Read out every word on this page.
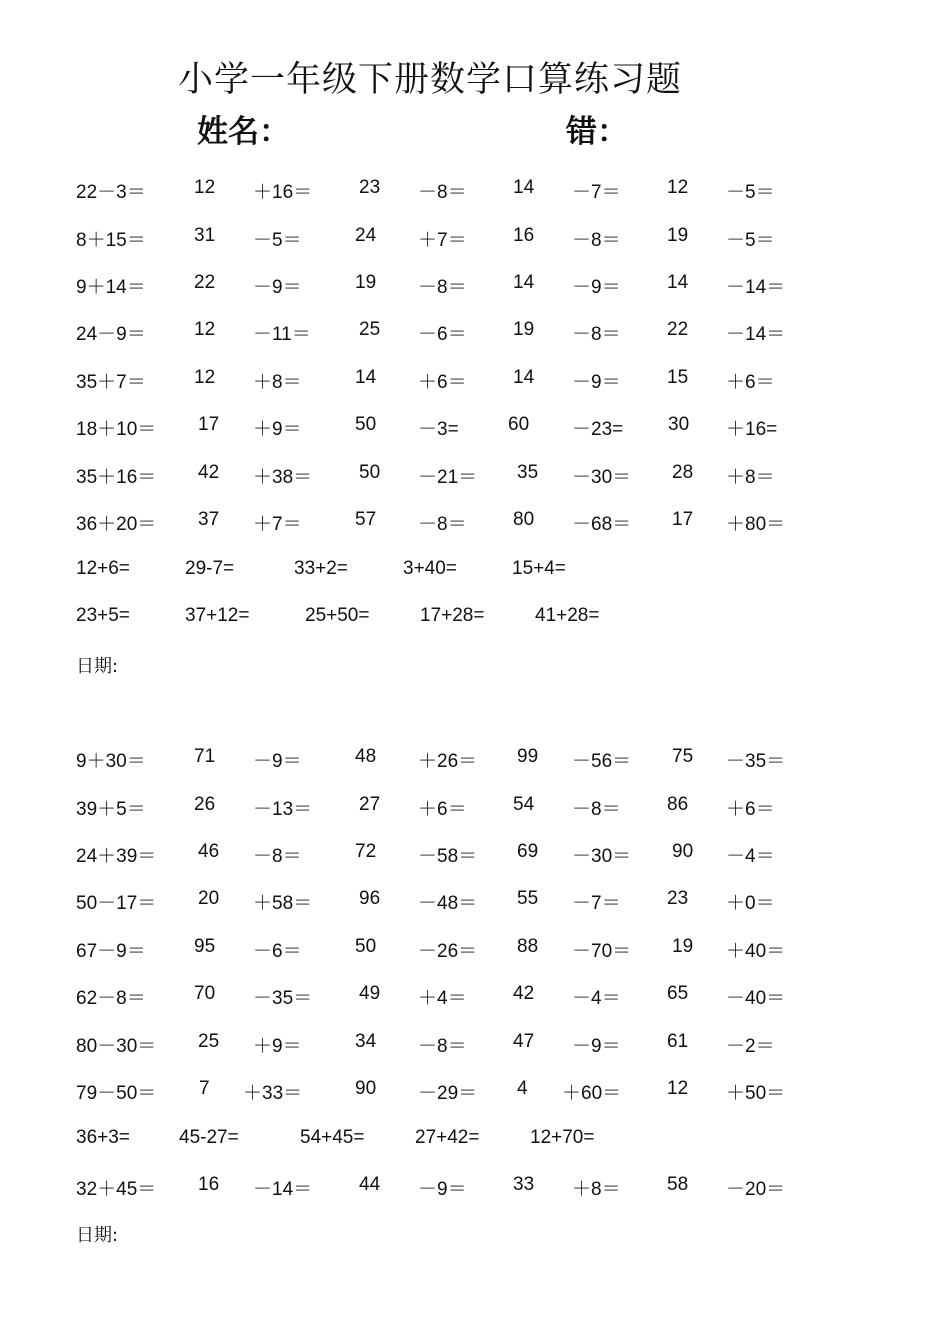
小学一年级下册数学口算练习题
姓名：	错：
22－3＝	12 ＋16＝ 23 －8＝ 14 －7＝ 12 －5＝
8＋15＝	31 －5＝	24 ＋7＝ 16 －8＝ 19 －5＝
9＋14＝	22 －9＝	19 －8＝ 14 －9＝ 14 －14＝
24－9＝	12 －11＝	25 －6＝ 19 －8＝ 22 －14＝
35＋7＝	12 ＋8＝	14 ＋6＝ 14 －9＝ 15 ＋6＝
18＋10＝ 17 ＋9＝	50 －3=	60 －23= 30 ＋16=
35＋16＝ 42 ＋38＝ 50 －21＝ 35 －30＝ 28 ＋8＝
36＋20＝ 37 ＋7＝	57 －8＝ 80 －68＝ 17 ＋80＝
12+6=	29-7=	33+2=	3+40=	15+4=
23+5=	37+12=	25+50=	17+28=	41+28=
日期:
9＋30＝	71 －9＝	48 ＋26＝ 99 －56＝ 75 －35＝
39＋5＝	26 －13＝ 27 ＋6＝ 54 －8＝ 86 ＋6＝
24＋39＝ 46 －8＝	72 －58＝ 69 －30＝ 90 －4＝
50－17＝ 20 ＋58＝ 96 －48＝ 55 －7＝ 23 ＋0＝
67－9＝	95 －6＝	50 －26＝ 88 －70＝ 19 ＋40＝
62－8＝	70 －35＝ 49 ＋4＝ 42 －4＝ 65 －40＝
80－30＝ 25 ＋9＝	34 －8＝ 47 －9＝ 61 －2＝
79－50＝ 7 ＋33＝	90 －29＝ 4 ＋60＝ 12 ＋50＝
36+3=	45-27=	54+45=	27+42=	12+70=
32＋45＝ 16 －14＝ 44 －9＝ 33 ＋8＝ 58 －20＝
日期:
